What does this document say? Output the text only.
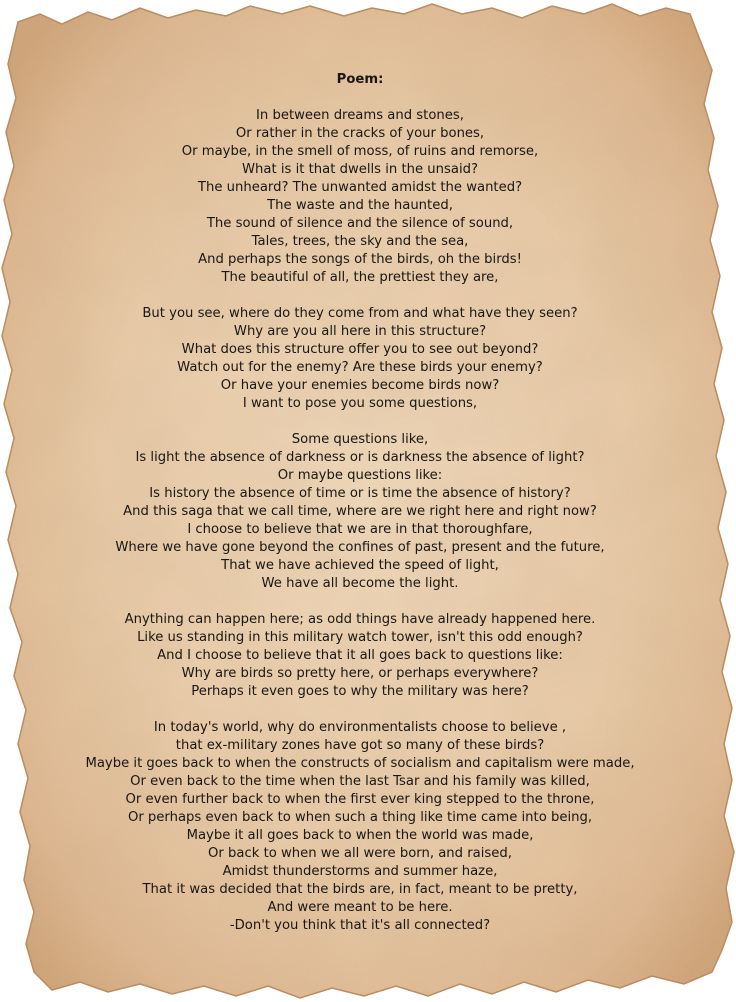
Poem:
In between dreams and stones,
Or rather in the cracks of your bones,
Or maybe, in the smell of moss, of ruins and remorse,
What is it that dwells in the unsaid?
The unheard? The unwanted amidst the wanted?
The waste and the haunted,
The sound of silence and the silence of sound,
Tales, trees, the sky and the sea,
And perhaps the songs of the birds, oh the birds!
The beautiful of all, the prettiest they are,
But you see, where do they come from and what have they seen?
Why are you all here in this structure?
What does this structure offer you to see out beyond?
Watch out for the enemy? Are these birds your enemy?
Or have your enemies become birds now?
I want to pose you some questions,
Some questions like,
Is light the absence of darkness or is darkness the absence of light?
Or maybe questions like:
Is history the absence of time or is time the absence of history?
And this saga that we call time, where are we right here and right now?
I choose to believe that we are in that thoroughfare,
Where we have gone beyond the confines of past, present and the future,
That we have achieved the speed of light,
We have all become the light.
Anything can happen here; as odd things have already happened here.
Like us standing in this military watch tower, isn't this odd enough?
And I choose to believe that it all goes back to questions like:
Why are birds so pretty here, or perhaps everywhere?
Perhaps it even goes to why the military was here?
In today's world, why do environmentalists choose to believe ,
that ex-military zones have got so many of these birds?
Maybe it goes back to when the constructs of socialism and capitalism were made,
Or even back to the time when the last Tsar and his family was killed,
Or even further back to when the first ever king stepped to the throne,
Or perhaps even back to when such a thing like time came into being,
Maybe it all goes back to when the world was made,
Or back to when we all were born, and raised,
Amidst thunderstorms and summer haze,
That it was decided that the birds are, in fact, meant to be pretty,
And were meant to be here.
-Don't you think that it's all connected?
